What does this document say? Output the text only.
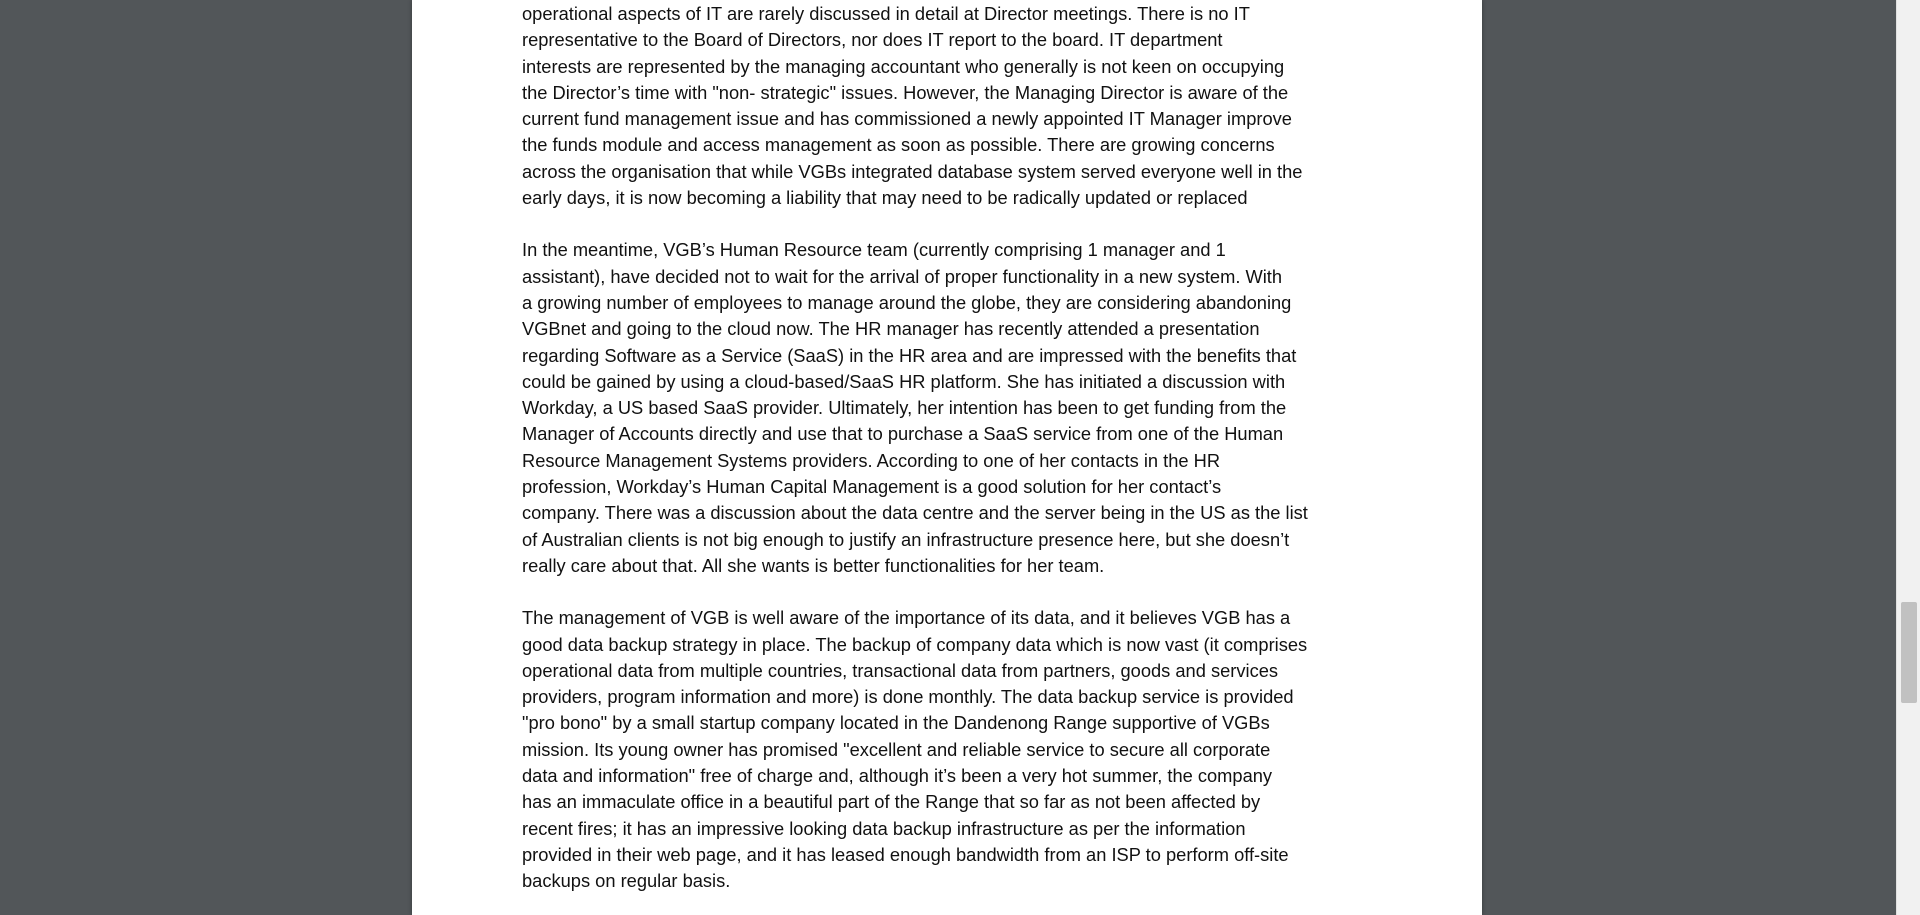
operational aspects of IT are rarely discussed in detail at Director meetings. There is no IT
representative to the Board of Directors, nor does IT report to the board. IT department
interests are represented by the managing accountant who generally is not keen on occupying
the Director’s time with "non- strategic" issues. However, the Managing Director is aware of the
current fund management issue and has commissioned a newly appointed IT Manager improve
the funds module and access management as soon as possible. There are growing concerns
across the organisation that while VGBs integrated database system served everyone well in the
early days, it is now becoming a liability that may need to be radically updated or replaced

In the meantime, VGB’s Human Resource team (currently comprising 1 manager and 1
assistant), have decided not to wait for the arrival of proper functionality in a new system. With
a growing number of employees to manage around the globe, they are considering abandoning
VGBnet and going to the cloud now. The HR manager has recently attended a presentation
regarding Software as a Service (SaaS) in the HR area and are impressed with the benefits that
could be gained by using a cloud-based/SaaS HR platform. She has initiated a discussion with
Workday, a US based SaaS provider. Ultimately, her intention has been to get funding from the
Manager of Accounts directly and use that to purchase a SaaS service from one of the Human
Resource Management Systems providers. According to one of her contacts in the HR
profession, Workday’s Human Capital Management is a good solution for her contact’s
company. There was a discussion about the data centre and the server being in the US as the list
of Australian clients is not big enough to justify an infrastructure presence here, but she doesn’t
really care about that. All she wants is better functionalities for her team.

The management of VGB is well aware of the importance of its data, and it believes VGB has a
good data backup strategy in place. The backup of company data which is now vast (it comprises
operational data from multiple countries, transactional data from partners, goods and services
providers, program information and more) is done monthly. The data backup service is provided
"pro bono" by a small startup company located in the Dandenong Range supportive of VGBs
mission. Its young owner has promised "excellent and reliable service to secure all corporate
data and information" free of charge and, although it’s been a very hot summer, the company
has an immaculate office in a beautiful part of the Range that so far as not been affected by
recent fires; it has an impressive looking data backup infrastructure as per the information
provided in their web page, and it has leased enough bandwidth from an ISP to perform off-site
backups on regular basis.
